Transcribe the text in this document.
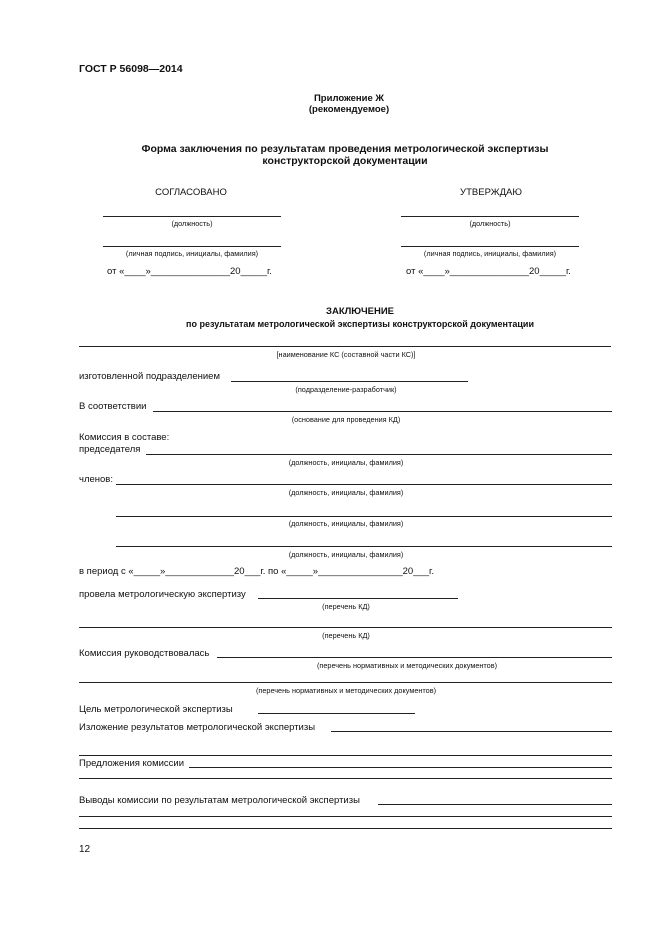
ГОСТ Р 56098—2014
Приложение Ж
(рекомендуемое)
Форма заключения по результатам проведения метрологической экспертизы
конструкторской документации
СОГЛАСОВАНО	УТВЕРЖДАЮ
(должность)	(должность)
(личная подпись, инициалы, фамилия)	(личная подпись, инициалы, фамилия)
от «____»_______________20_____г.	от «____»_______________20_____г.
ЗАКЛЮЧЕНИЕ
по результатам метрологической экспертизы конструкторской документации
[наименование КС (составной части КС)]
изготовленной подразделением
(подразделение-разработчик)
В соответствии
(основание для проведения КД)
Комиссия в составе:
председателя
(должность, инициалы, фамилия)
членов:
(должность, инициалы, фамилия)
(должность, инициалы, фамилия)
(должность, инициалы, фамилия)
в период с «_____»_____________20___г. по «_____»________________20___г.
провела метрологическую экспертизу
(перечень КД)
(перечень КД)
Комиссия руководствовалась
(перечень нормативных и методических документов)
(перечень нормативных и методических документов)
Цель метрологической экспертизы
Изложение результатов метрологической экспертизы
Предложения комиссии
Выводы комиссии по результатам метрологической экспертизы
12
